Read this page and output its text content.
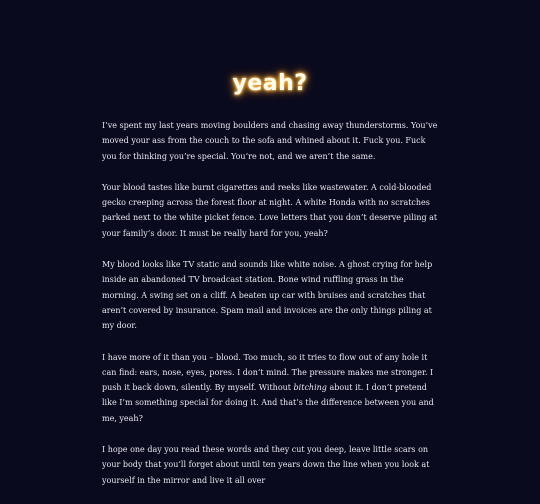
yeah?

I’ve spent my last years moving boulders and chasing away thunderstorms. You’ve moved your ass from the couch to the sofa and whined about it. Fuck you. Fuck you for thinking you’re special. You’re not, and we aren’t the same.

Your blood tastes like burnt cigarettes and reeks like wastewater. A cold-blooded gecko creeping across the forest floor at night. A white Honda with no scratches parked next to the white picket fence. Love letters that you don’t deserve piling at your family’s door. It must be really hard for you, yeah?

My blood looks like TV static and sounds like white noise. A ghost crying for help inside an abandoned TV broadcast station. Bone wind ruffling grass in the morning. A swing set on a cliff. A beaten up car with bruises and scratches that aren’t covered by insurance. Spam mail and invoices are the only things piling at my door.

I have more of it than you – blood. Too much, so it tries to flow out of any hole it can find: ears, nose, eyes, pores. I don’t mind. The pressure makes me stronger. I push it back down, silently. By myself. Without bitching about it. I don’t pretend like I’m something special for doing it. And that’s the difference between you and me, yeah?

I hope one day you read these words and they cut you deep, leave little scars on your body that you’ll forget about until ten years down the line when you look at yourself in the mirror and live it all over
